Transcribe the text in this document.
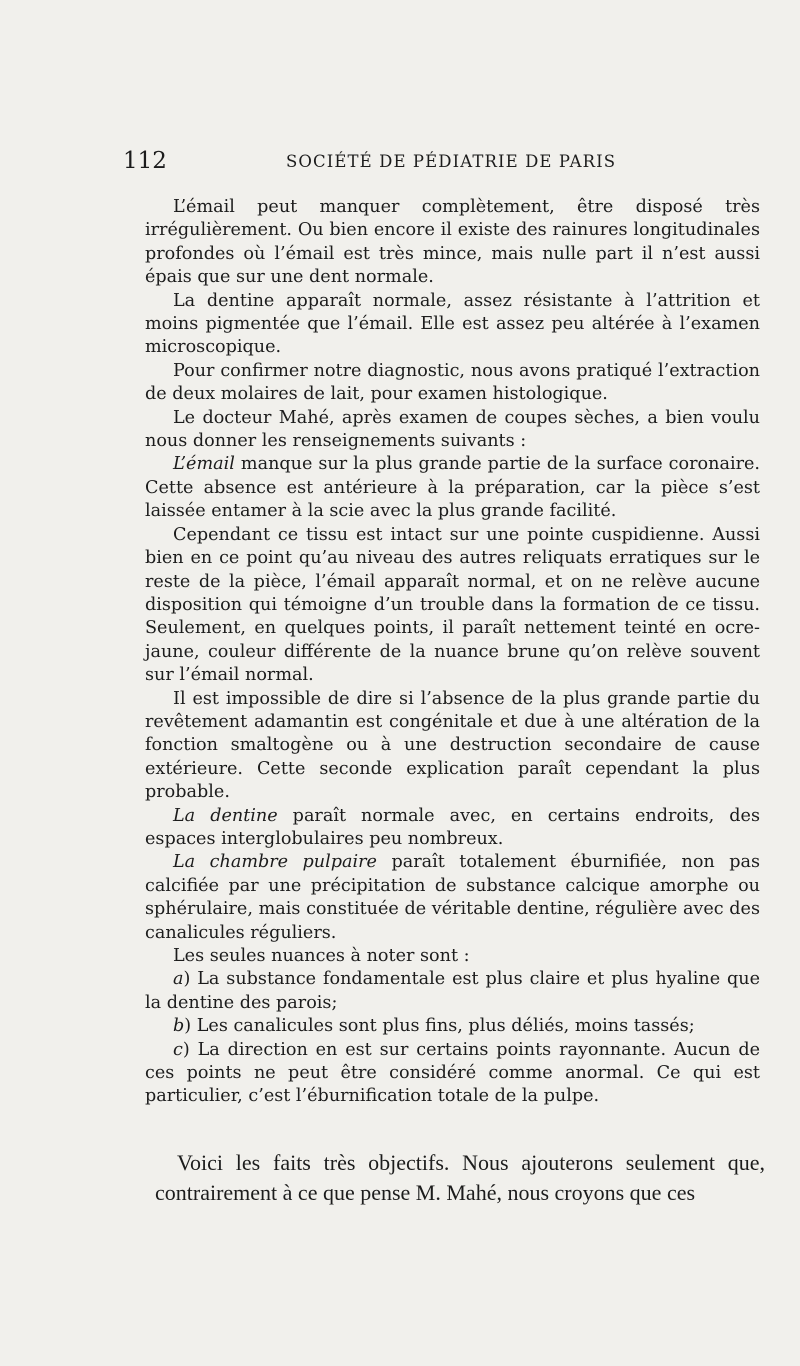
112	SOCIÉTÉ DE PÉDIATRIE DE PARIS

L’émail peut manquer complètement, être disposé très irrégulièrement. Ou bien encore il existe des rainures longitudinales profondes où l’émail est très mince, mais nulle part il n’est aussi épais que sur une dent normale.

La dentine apparaît normale, assez résistante à l’attrition et moins pigmentée que l’émail. Elle est assez peu altérée à l’examen microscopique.

Pour confirmer notre diagnostic, nous avons pratiqué l’extraction de deux molaires de lait, pour examen histologique.

Le docteur Mahé, après examen de coupes sèches, a bien voulu nous donner les renseignements suivants :

L’émail manque sur la plus grande partie de la surface coronaire. Cette absence est antérieure à la préparation, car la pièce s’est laissée entamer à la scie avec la plus grande facilité.

Cependant ce tissu est intact sur une pointe cuspidienne. Aussi bien en ce point qu’au niveau des autres reliquats erratiques sur le reste de la pièce, l’émail apparaît normal, et on ne relève aucune disposition qui témoigne d’un trouble dans la formation de ce tissu. Seulement, en quelques points, il paraît nettement teinté en ocre-jaune, couleur différente de la nuance brune qu’on relève souvent sur l’émail normal.

Il est impossible de dire si l’absence de la plus grande partie du revêtement adamantin est congénitale et due à une altération de la fonction smaltogène ou à une destruction secondaire de cause extérieure. Cette seconde explication paraît cependant la plus probable.

La dentine paraît normale avec, en certains endroits, des espaces interglobulaires peu nombreux.

La chambre pulpaire paraît totalement éburnifiée, non pas calcifiée par une précipitation de substance calcique amorphe ou sphérulaire, mais constituée de véritable dentine, régulière avec des canalicules réguliers.

Les seules nuances à noter sont :

a) La substance fondamentale est plus claire et plus hyaline que la dentine des parois;

b) Les canalicules sont plus fins, plus déliés, moins tassés;

c) La direction en est sur certains points rayonnante. Aucun de ces points ne peut être considéré comme anormal. Ce qui est particulier, c’est l’éburnification totale de la pulpe.

Voici les faits très objectifs. Nous ajouterons seulement que, contrairement à ce que pense M. Mahé, nous croyons que ces
